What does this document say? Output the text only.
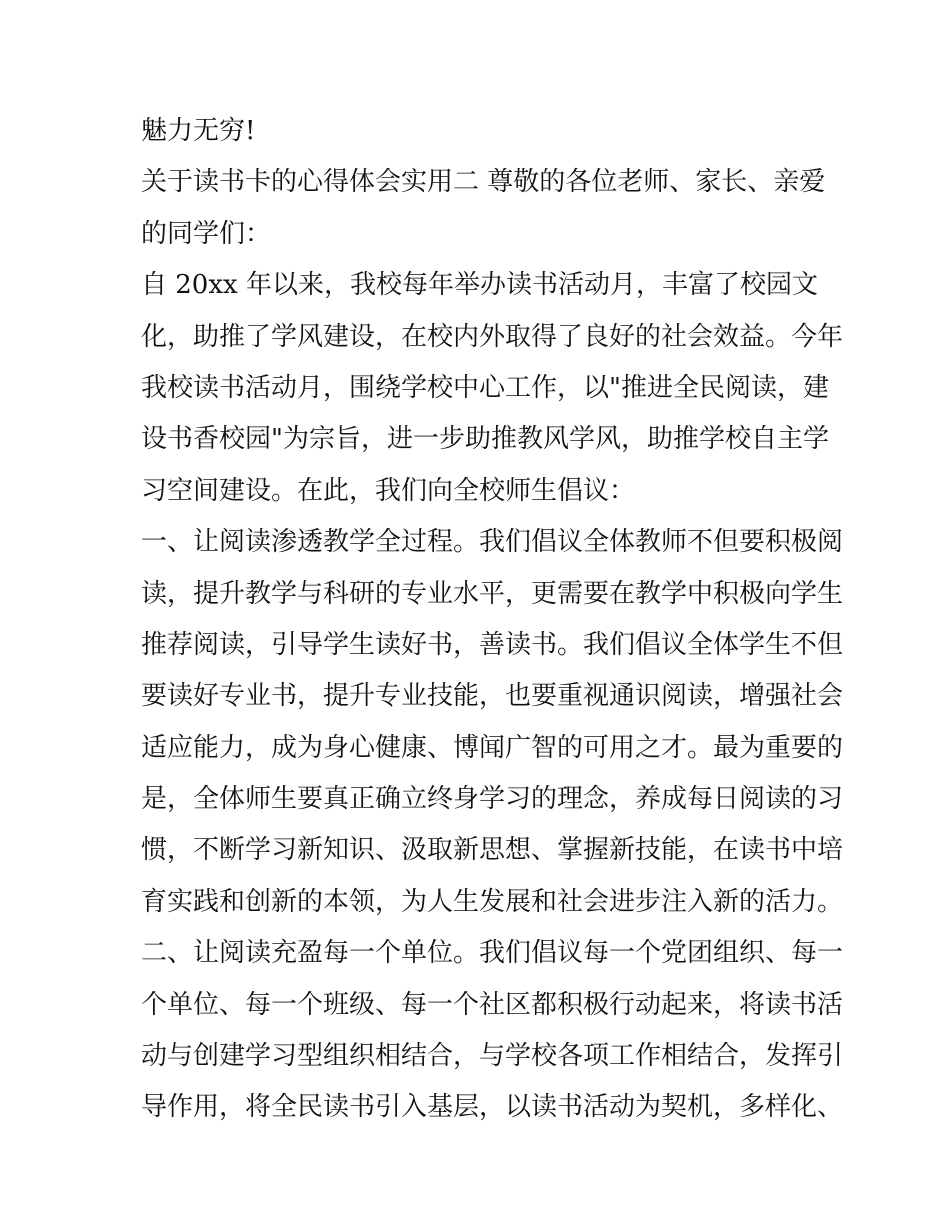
魅力无穷!
关于读书卡的心得体会实用二 尊敬的各位老师、家长、亲爱
的同学们：
自 20xx 年以来，我校每年举办读书活动月，丰富了校园文
化，助推了学风建设，在校内外取得了良好的社会效益。今年
我校读书活动月，围绕学校中心工作，以"推进全民阅读，建
设书香校园"为宗旨，进一步助推教风学风，助推学校自主学
习空间建设。在此，我们向全校师生倡议：
一、让阅读渗透教学全过程。我们倡议全体教师不但要积极阅
读，提升教学与科研的专业水平，更需要在教学中积极向学生
推荐阅读，引导学生读好书，善读书。我们倡议全体学生不但
要读好专业书，提升专业技能，也要重视通识阅读，增强社会
适应能力，成为身心健康、博闻广智的可用之才。最为重要的
是，全体师生要真正确立终身学习的理念，养成每日阅读的习
惯，不断学习新知识、汲取新思想、掌握新技能，在读书中培
育实践和创新的本领，为人生发展和社会进步注入新的活力。
二、让阅读充盈每一个单位。我们倡议每一个党团组织、每一
个单位、每一个班级、每一个社区都积极行动起来，将读书活
动与创建学习型组织相结合，与学校各项工作相结合，发挥引
导作用，将全民读书引入基层，以读书活动为契机，多样化、
